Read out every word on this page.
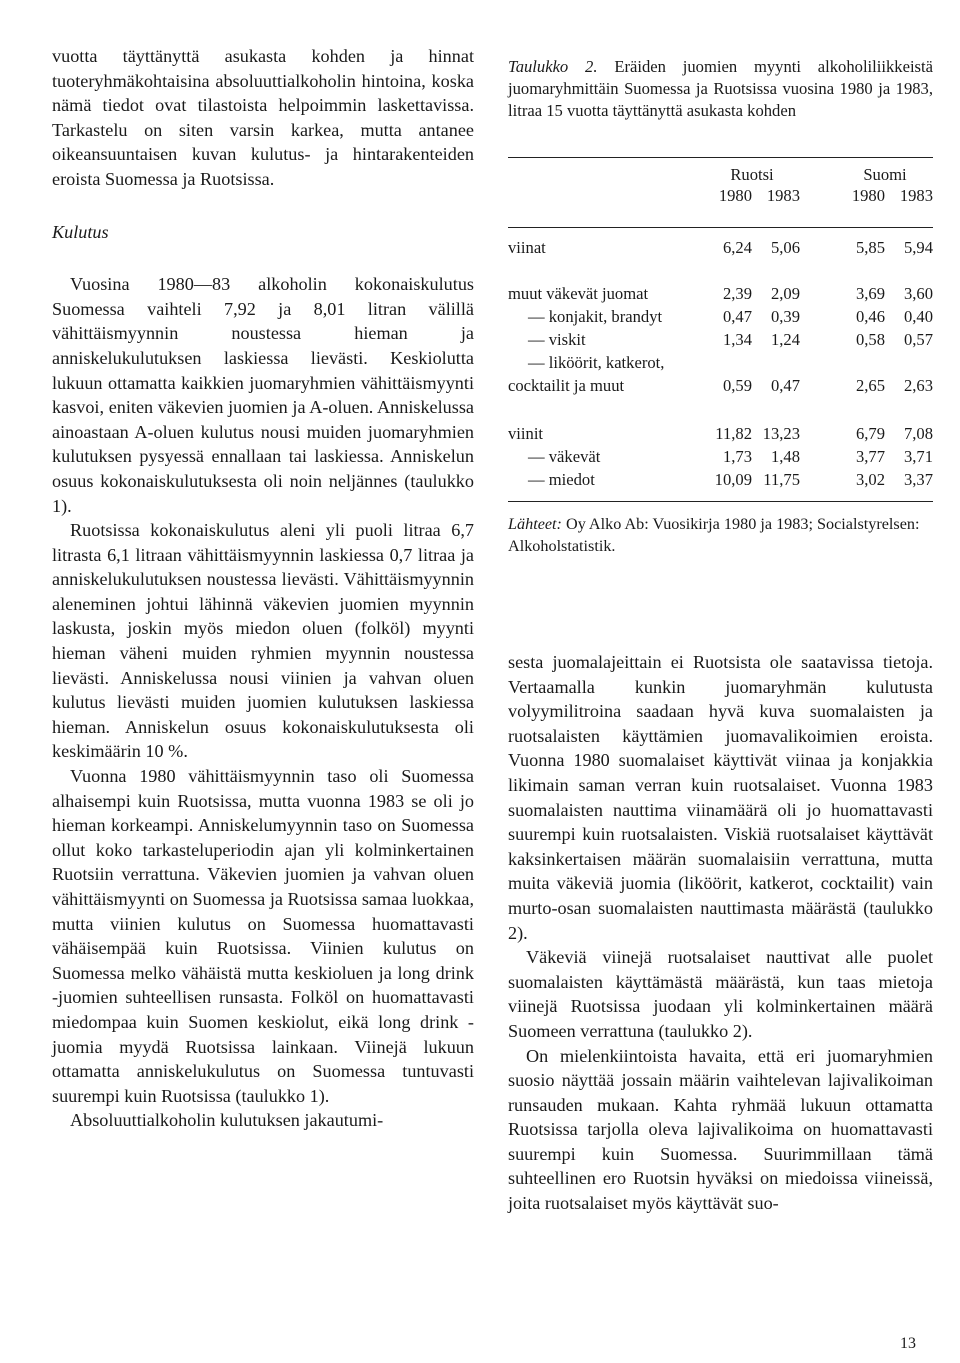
vuotta täyttänyttä asukasta kohden ja hinnat tuoteryhmäkohtaisina absoluuttialkoholin hintoina, koska nämä tiedot ovat tilastoista helpoimmin laskettavissa. Tarkastelu on siten varsin karkea, mutta antanee oikeansuuntaisen kuvan kulutus- ja hintarakenteiden eroista Suomessa ja Ruotsissa.

Kulutus

Vuosina 1980—83 alkoholin kokonaiskulutus Suomessa vaihteli 7,92 ja 8,01 litran välillä vähittäismyynnin noustessa hieman ja anniskelukulutuksen laskiessa lievästi. Keskiolutta lukuun ottamatta kaikkien juomaryhmien vähittäismyynti kasvoi, eniten väkevien juomien ja A-oluen. Anniskelussa ainoastaan A-oluen kulutus nousi muiden juomaryhmien kulutuksen pysyessä ennallaan tai laskiessa. Anniskelun osuus kokonaiskulutuksesta oli noin neljännes (taulukko 1).

Ruotsissa kokonaiskulutus aleni yli puoli litraa 6,7 litrasta 6,1 litraan vähittäismyynnin laskiessa 0,7 litraa ja anniskelukulutuksen noustessa lievästi. Vähittäismyynnin aleneminen johtui lähinnä väkevien juomien myynnin laskusta, joskin myös miedon oluen (folköl) myynti hieman väheni muiden ryhmien myynnin noustessa lievästi. Anniskelussa nousi viinien ja vahvan oluen kulutus lievästi muiden juomien kulutuksen laskiessa hieman. Anniskelun osuus kokonaiskulutuksesta oli keskimäärin 10 %.

Vuonna 1980 vähittäismyynnin taso oli Suomessa alhaisempi kuin Ruotsissa, mutta vuonna 1983 se oli jo hieman korkeampi. Anniskelumyynnin taso on Suomessa ollut koko tarkasteluperiodin ajan yli kolminkertainen Ruotsiin verrattuna. Väkevien juomien ja vahvan oluen vähittäismyynti on Suomessa ja Ruotsissa samaa luokkaa, mutta viinien kulutus on Suomessa huomattavasti vähäisempää kuin Ruotsissa. Viinien kulutus on Suomessa melko vähäistä mutta keskioluen ja long drink -juomien suhteellisen runsasta. Folköl on huomattavasti miedompaa kuin Suomen keskiolut, eikä long drink -juomia myydä Ruotsissa lainkaan. Viinejä lukuun ottamatta anniskelukulutus on Suomessa tuntuvasti suurempi kuin Ruotsissa (taulukko 1).

Absoluuttialkoholin kulutuksen jakautumi-

Taulukko 2. Eräiden juomien myynti alkoholiliikkeistä juomaryhmittäin Suomessa ja Ruotsissa vuosina 1980 ja 1983, litraa 15 vuotta täyttänyttä asukasta kohden
	Ruotsi			Suomi	
	1980	1983		1980	1983

viinat	6,24	5,06		5,85	5,94
muut väkevät juomat	2,39	2,09		3,69	3,60
— konjakit, brandyt	0,47	0,39		0,46	0,40
— viskit	1,34	1,24		0,58	0,57
— liköörit, katkerot,					
cocktailit ja muut	0,59	0,47		2,65	2,63
viinit	11,82	13,23		6,79	7,08
— väkevät	1,73	1,48		3,77	3,71
— miedot	10,09	11,75		3,02	3,37
Lähteet: Oy Alko Ab: Vuosikirja 1980 ja 1983; Socialstyrelsen: Alkoholstatistik.

sesta juomalajeittain ei Ruotsista ole saatavissa tietoja. Vertaamalla kunkin juomaryhmän kulutusta volyymilitroina saadaan hyvä kuva suomalaisten ja ruotsalaisten käyttämien juomavalikoimien eroista. Vuonna 1980 suomalaiset käyttivät viinaa ja konjakkia likimain saman verran kuin ruotsalaiset. Vuonna 1983 suomalaisten nauttima viinamäärä oli jo huomattavasti suurempi kuin ruotsalaisten. Viskiä ruotsalaiset käyttävät kaksinkertaisen määrän suomalaisiin verrattuna, mutta muita väkeviä juomia (liköörit, katkerot, cocktailit) vain murto-osan suomalaisten nauttimasta määrästä (taulukko 2).

Väkeviä viinejä ruotsalaiset nauttivat alle puolet suomalaisten käyttämästä määrästä, kun taas mietoja viinejä Ruotsissa juodaan yli kolminkertainen määrä Suomeen verrattuna (taulukko 2).

On mielenkiintoista havaita, että eri juomaryhmien suosio näyttää jossain määrin vaihtelevan lajivalikoiman runsauden mukaan. Kahta ryhmää lukuun ottamatta Ruotsissa tarjolla oleva lajivalikoima on huomattavasti suurempi kuin Suomessa. Suurimmillaan tämä suhteellinen ero Ruotsin hyväksi on miedoissa viineissä, joita ruotsalaiset myös käyttävät suo-

13
